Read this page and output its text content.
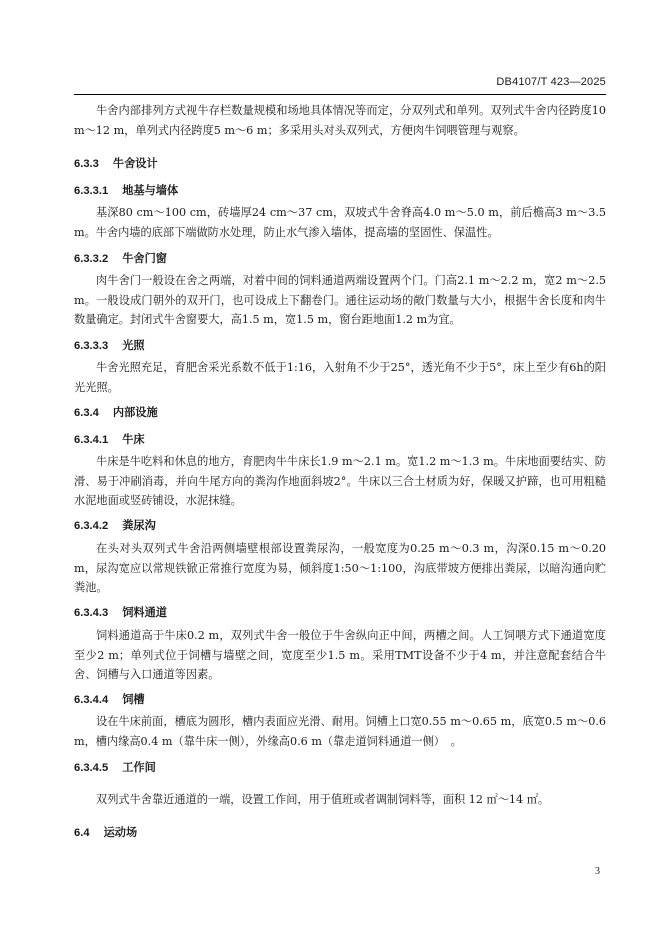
DB4107/T 423—2025

牛舍内部排列方式视牛存栏数量规模和场地具体情况等而定，分双列式和单列。双列式牛舍内径跨度10 m～12 m，单列式内径跨度5 m～6 m；多采用头对头双列式，方便肉牛饲喂管理与观察。

6.3.3 牛舍设计
6.3.3.1 地基与墙体

基深80 cm～100 cm，砖墙厚24 cm～37 cm，双坡式牛舍脊高4.0 m～5.0 m，前后檐高3 m～3.5 m。牛舍内墙的底部下端做防水处理，防止水气渗入墙体，提高墙的坚固性、保温性。

6.3.3.2 牛舍门窗

肉牛舍门一般设在舍之两端，对着中间的饲料通道两端设置两个门。门高2.1 m～2.2 m，宽2 m～2.5 m。一般设成门朝外的双开门，也可设成上下翻卷门。通往运动场的敞门数量与大小，根据牛舍长度和肉牛数量确定。封闭式牛舍窗要大，高1.5 m，宽1.5 m，窗台距地面1.2 m为宜。

6.3.3.3 光照

牛舍光照充足，育肥舍采光系数不低于1:16，入射角不少于25°，透光角不少于5°，床上至少有6h的阳光光照。

6.3.4 内部设施
6.3.4.1 牛床

牛床是牛吃料和休息的地方，育肥肉牛牛床长1.9 m～2.1 m。宽1.2 m～1.3 m。牛床地面要结实、防滑、易于冲刷消毒，并向牛尾方向的粪沟作地面斜坡2°。牛床以三合土材质为好，保暖又护蹄，也可用粗糙水泥地面或竖砖铺设，水泥抹缝。

6.3.4.2 粪尿沟

在头对头双列式牛舍沿两侧墙壁根部设置粪尿沟，一般宽度为0.25 m～0.3 m，沟深0.15 m～0.20 m，尿沟宽应以常规铁锨正常推行宽度为易，倾斜度1:50～1:100，沟底带坡方便排出粪尿，以暗沟通向贮粪池。

6.3.4.3 饲料通道

饲料通道高于牛床0.2 m，双列式牛舍一般位于牛舍纵向正中间，两槽之间。人工饲喂方式下通道宽度至少2 m；单列式位于饲槽与墙壁之间，宽度至少1.5 m。采用TMT设备不少于4 m，并注意配套结合牛舍、饲槽与入口通道等因素。

6.3.4.4 饲槽

设在牛床前面，槽底为圆形，槽内表面应光滑、耐用。饲槽上口宽0.55 m～0.65 m，底宽0.5 m～0.6 m，槽内缘高0.4 m（靠牛床一侧），外缘高0.6 m（靠走道饲料通道一侧）　。

6.3.4.5 工作间

双列式牛舍靠近通道的一端，设置工作间，用于值班或者调制饲料等，面积 12 ㎡～14 ㎡。

6.4 运动场
3
